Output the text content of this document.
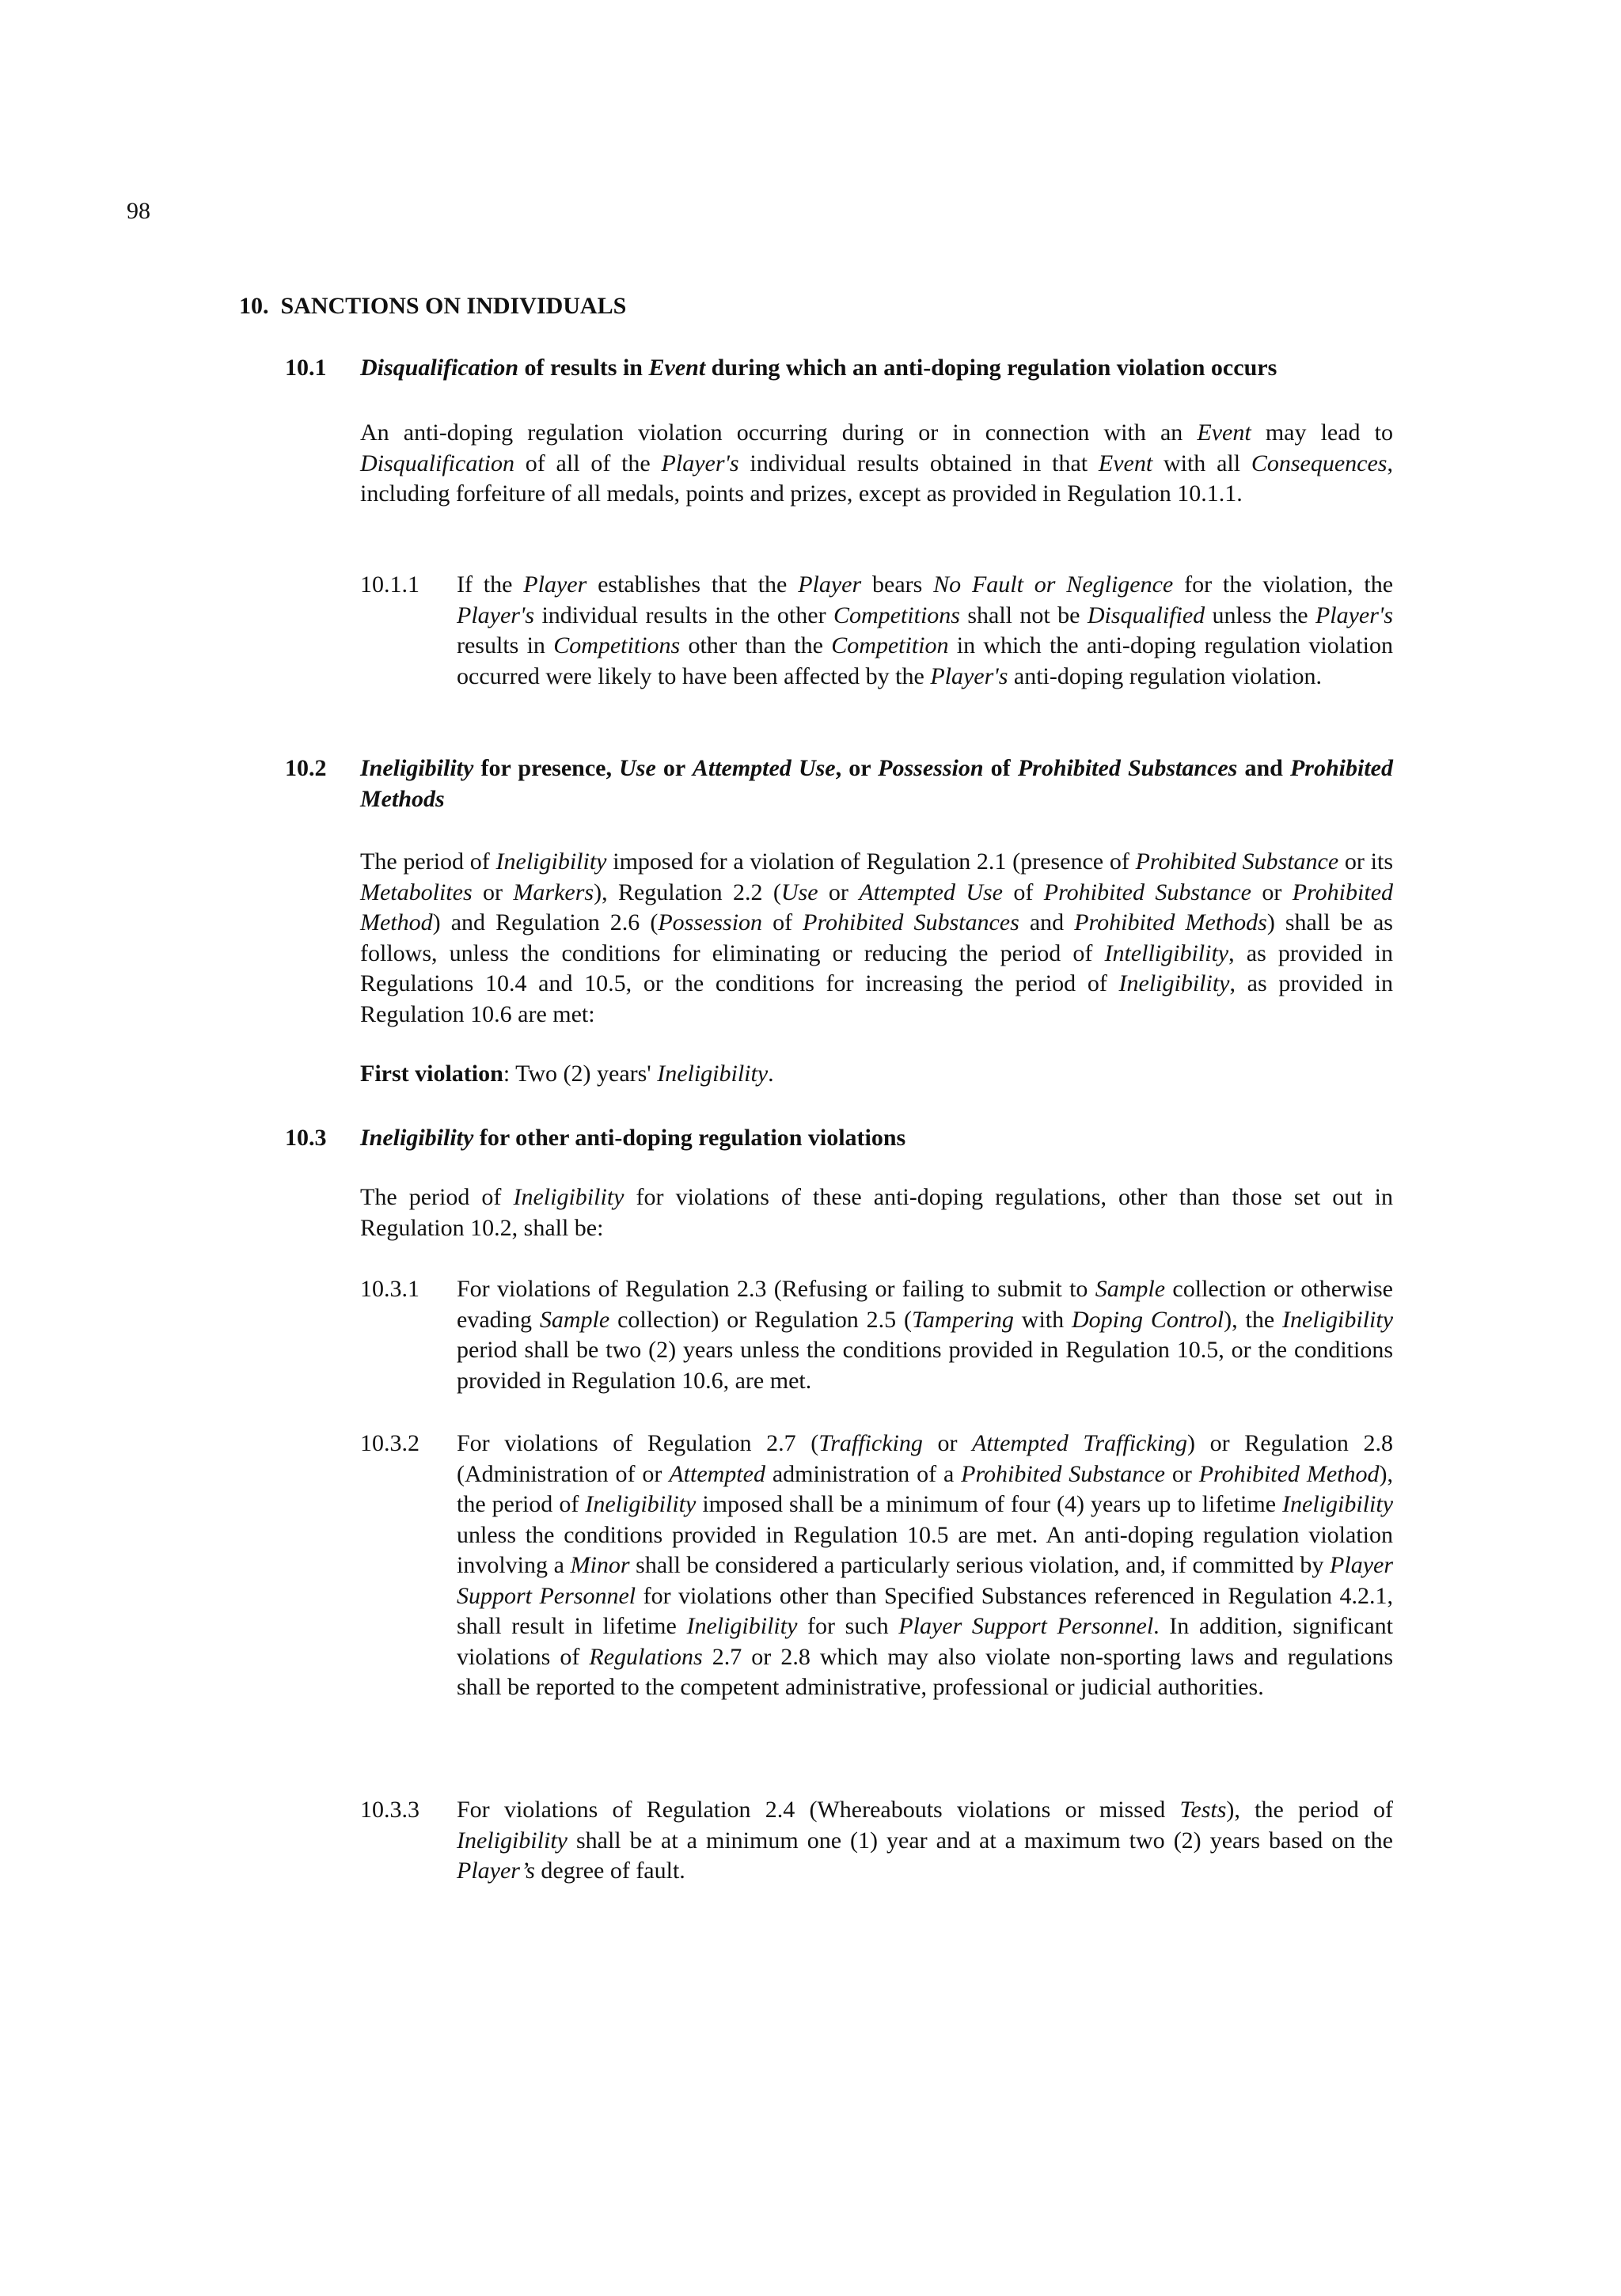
98
10. SANCTIONS ON INDIVIDUALS
10.1 Disqualification of results in Event during which an anti-doping regulation violation occurs
An anti-doping regulation violation occurring during or in connection with an Event may lead to Disqualification of all of the Player's individual results obtained in that Event with all Consequences, including forfeiture of all medals, points and prizes, except as provided in Regulation 10.1.1.
10.1.1 If the Player establishes that the Player bears No Fault or Negligence for the violation, the Player's individual results in the other Competitions shall not be Disqualified unless the Player's results in Competitions other than the Competition in which the anti-doping regulation violation occurred were likely to have been affected by the Player's anti-doping regulation violation.
10.2 Ineligibility for presence, Use or Attempted Use, or Possession of Prohibited Substances and Prohibited Methods
The period of Ineligibility imposed for a violation of Regulation 2.1 (presence of Prohibited Substance or its Metabolites or Markers), Regulation 2.2 (Use or Attempted Use of Prohibited Substance or Prohibited Method) and Regulation 2.6 (Possession of Prohibited Substances and Prohibited Methods) shall be as follows, unless the conditions for eliminating or reducing the period of Intelligibility, as provided in Regulations 10.4 and 10.5, or the conditions for increasing the period of Ineligibility, as provided in Regulation 10.6 are met:
First violation: Two (2) years' Ineligibility.
10.3 Ineligibility for other anti-doping regulation violations
The period of Ineligibility for violations of these anti-doping regulations, other than those set out in Regulation 10.2, shall be:
10.3.1 For violations of Regulation 2.3 (Refusing or failing to submit to Sample collection or otherwise evading Sample collection) or Regulation 2.5 (Tampering with Doping Control), the Ineligibility period shall be two (2) years unless the conditions provided in Regulation 10.5, or the conditions provided in Regulation 10.6, are met.
10.3.2 For violations of Regulation 2.7 (Trafficking or Attempted Trafficking) or Regulation 2.8 (Administration of or Attempted administration of a Prohibited Substance or Prohibited Method), the period of Ineligibility imposed shall be a minimum of four (4) years up to lifetime Ineligibility unless the conditions provided in Regulation 10.5 are met. An anti-doping regulation violation involving a Minor shall be considered a particularly serious violation, and, if committed by Player Support Personnel for violations other than Specified Substances referenced in Regulation 4.2.1, shall result in lifetime Ineligibility for such Player Support Personnel. In addition, significant violations of Regulations 2.7 or 2.8 which may also violate non-sporting laws and regulations shall be reported to the competent administrative, professional or judicial authorities.
10.3.3 For violations of Regulation 2.4 (Whereabouts violations or missed Tests), the period of Ineligibility shall be at a minimum one (1) year and at a maximum two (2) years based on the Player’s degree of fault.
